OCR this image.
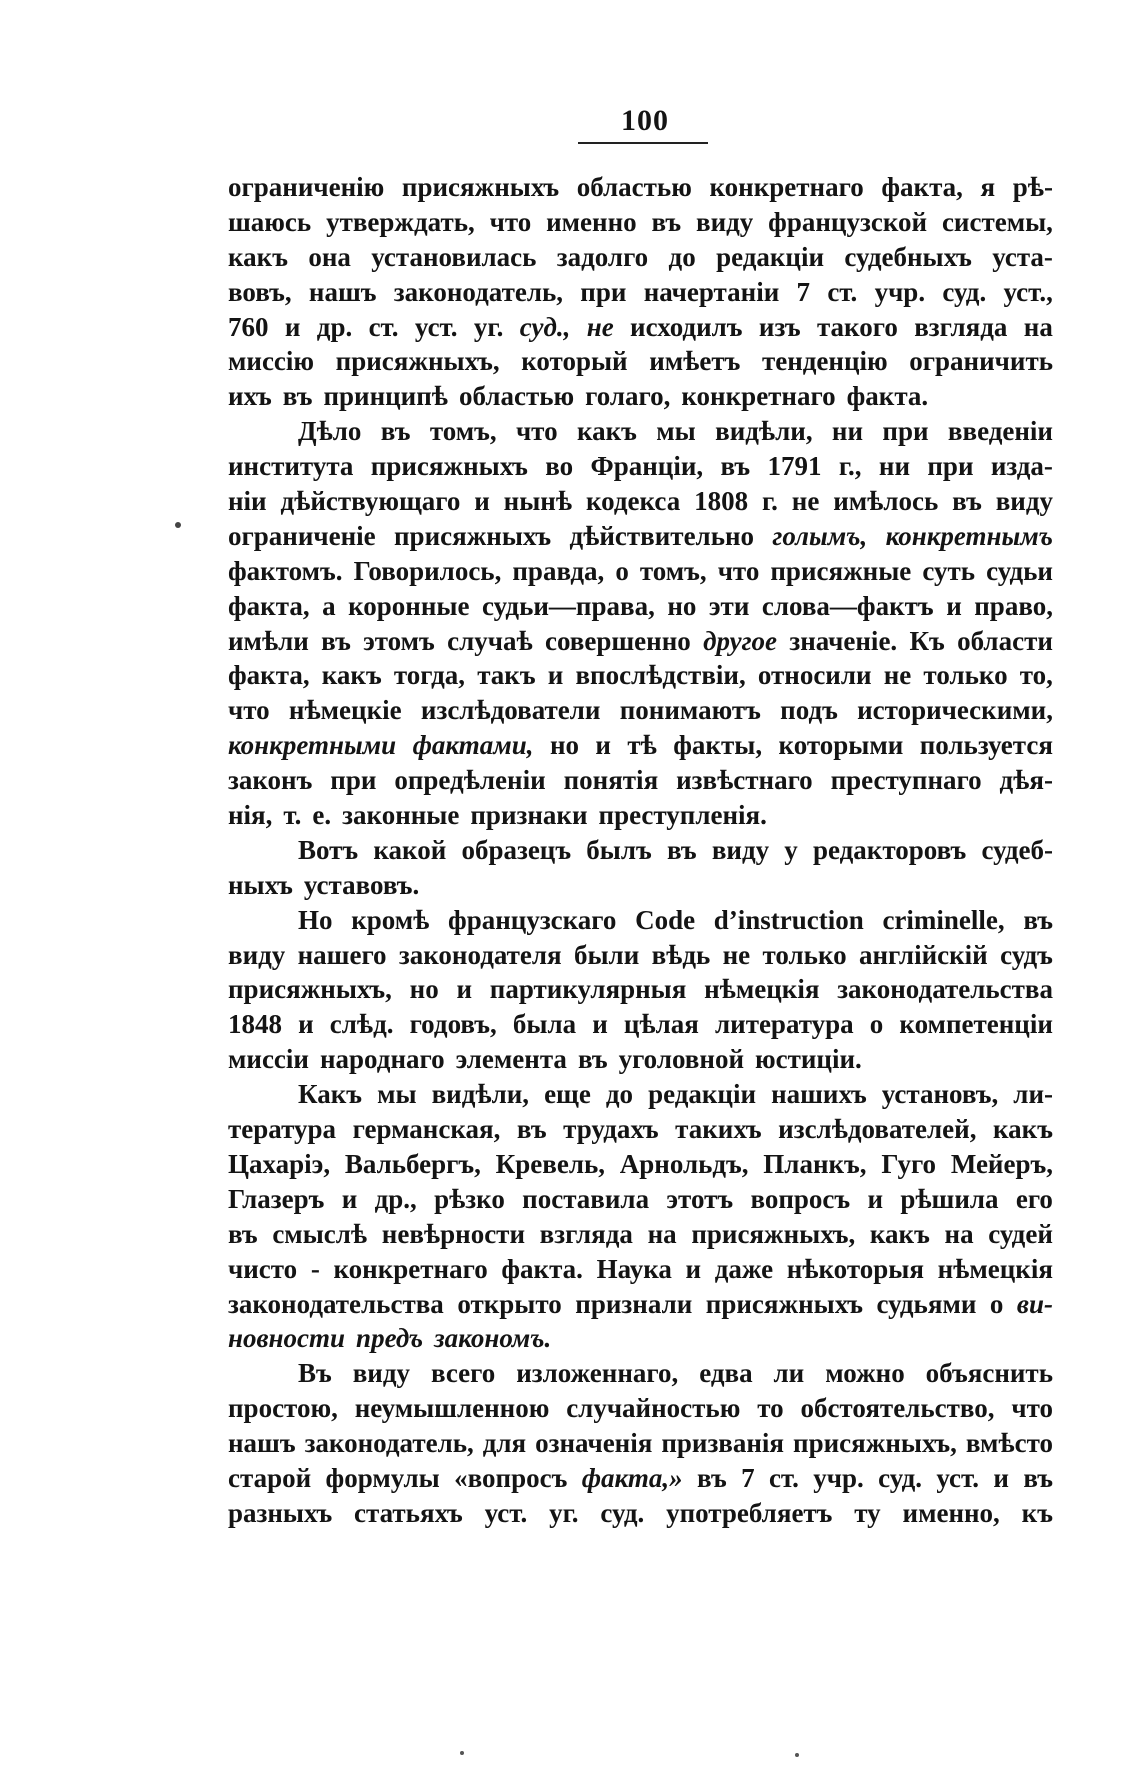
100
ограниченію присяжныхъ областью конкретнаго факта, я рѣ-
шаюсь утверждать, что именно въ виду французской системы,
какъ она установилась задолго до редакціи судебныхъ уста-
вовъ, нашъ законодатель, при начертаніи 7 ст. учр. суд. уст.,
760 и др. ст. уст. уг. суд., не исходилъ изъ такого взгляда на
миссію присяжныхъ, который имѣетъ тенденцію ограничить
ихъ въ принципѣ областью голаго, конкретнаго факта.
Дѣло въ томъ, что какъ мы видѣли, ни при введеніи
института присяжныхъ во Франціи, въ 1791 г., ни при изда-
ніи дѣйствующаго и нынѣ кодекса 1808 г. не имѣлось въ виду
ограниченіе присяжныхъ дѣйствительно голымъ, конкретнымъ
фактомъ. Говорилось, правда, о томъ, что присяжные суть судьи
факта, а коронные судьи—права, но эти слова—фактъ и право,
имѣли въ этомъ случаѣ совершенно другое значеніе. Къ области
факта, какъ тогда, такъ и впослѣдствіи, относили не только то,
что нѣмецкіе изслѣдователи понимаютъ подъ историческими,
конкретными фактами, но и тѣ факты, которыми пользуется
законъ при опредѣленіи понятія извѣстнаго преступнаго дѣя-
нія, т. е. законные признаки преступленія.
Вотъ какой образецъ былъ въ виду у редакторовъ судеб-
ныхъ уставовъ.
Но кромѣ французскаго Code d’instruction criminelle, въ
виду нашего законодателя были вѣдь не только англійскій судъ
присяжныхъ, но и партикулярныя нѣмецкія законодательства
1848 и слѣд. годовъ, была и цѣлая литература о компетенціи
миссіи народнаго элемента въ уголовной юстиціи.
Какъ мы видѣли, еще до редакціи нашихъ установъ, ли-
тература германская, въ трудахъ такихъ изслѣдователей, какъ
Цахаріэ, Вальбергъ, Кревель, Арнольдъ, Планкъ, Гуго Мейеръ,
Глазеръ и др., рѣзко поставила этотъ вопросъ и рѣшила его
въ смыслѣ невѣрности взгляда на присяжныхъ, какъ на судей
чисто - конкретнаго факта. Наука и даже нѣкоторыя нѣмецкія
законодательства открыто признали присяжныхъ судьями о ви-
новности предъ закономъ.
Въ виду всего изложеннаго, едва ли можно объяснить
простою, неумышленною случайностью то обстоятельство, что
нашъ законодатель, для означенія призванія присяжныхъ, вмѣсто
старой формулы «вопросъ факта,» въ 7 ст. учр. суд. уст. и въ
разныхъ статьяхъ уст. уг. суд. употребляетъ ту именно, къ
